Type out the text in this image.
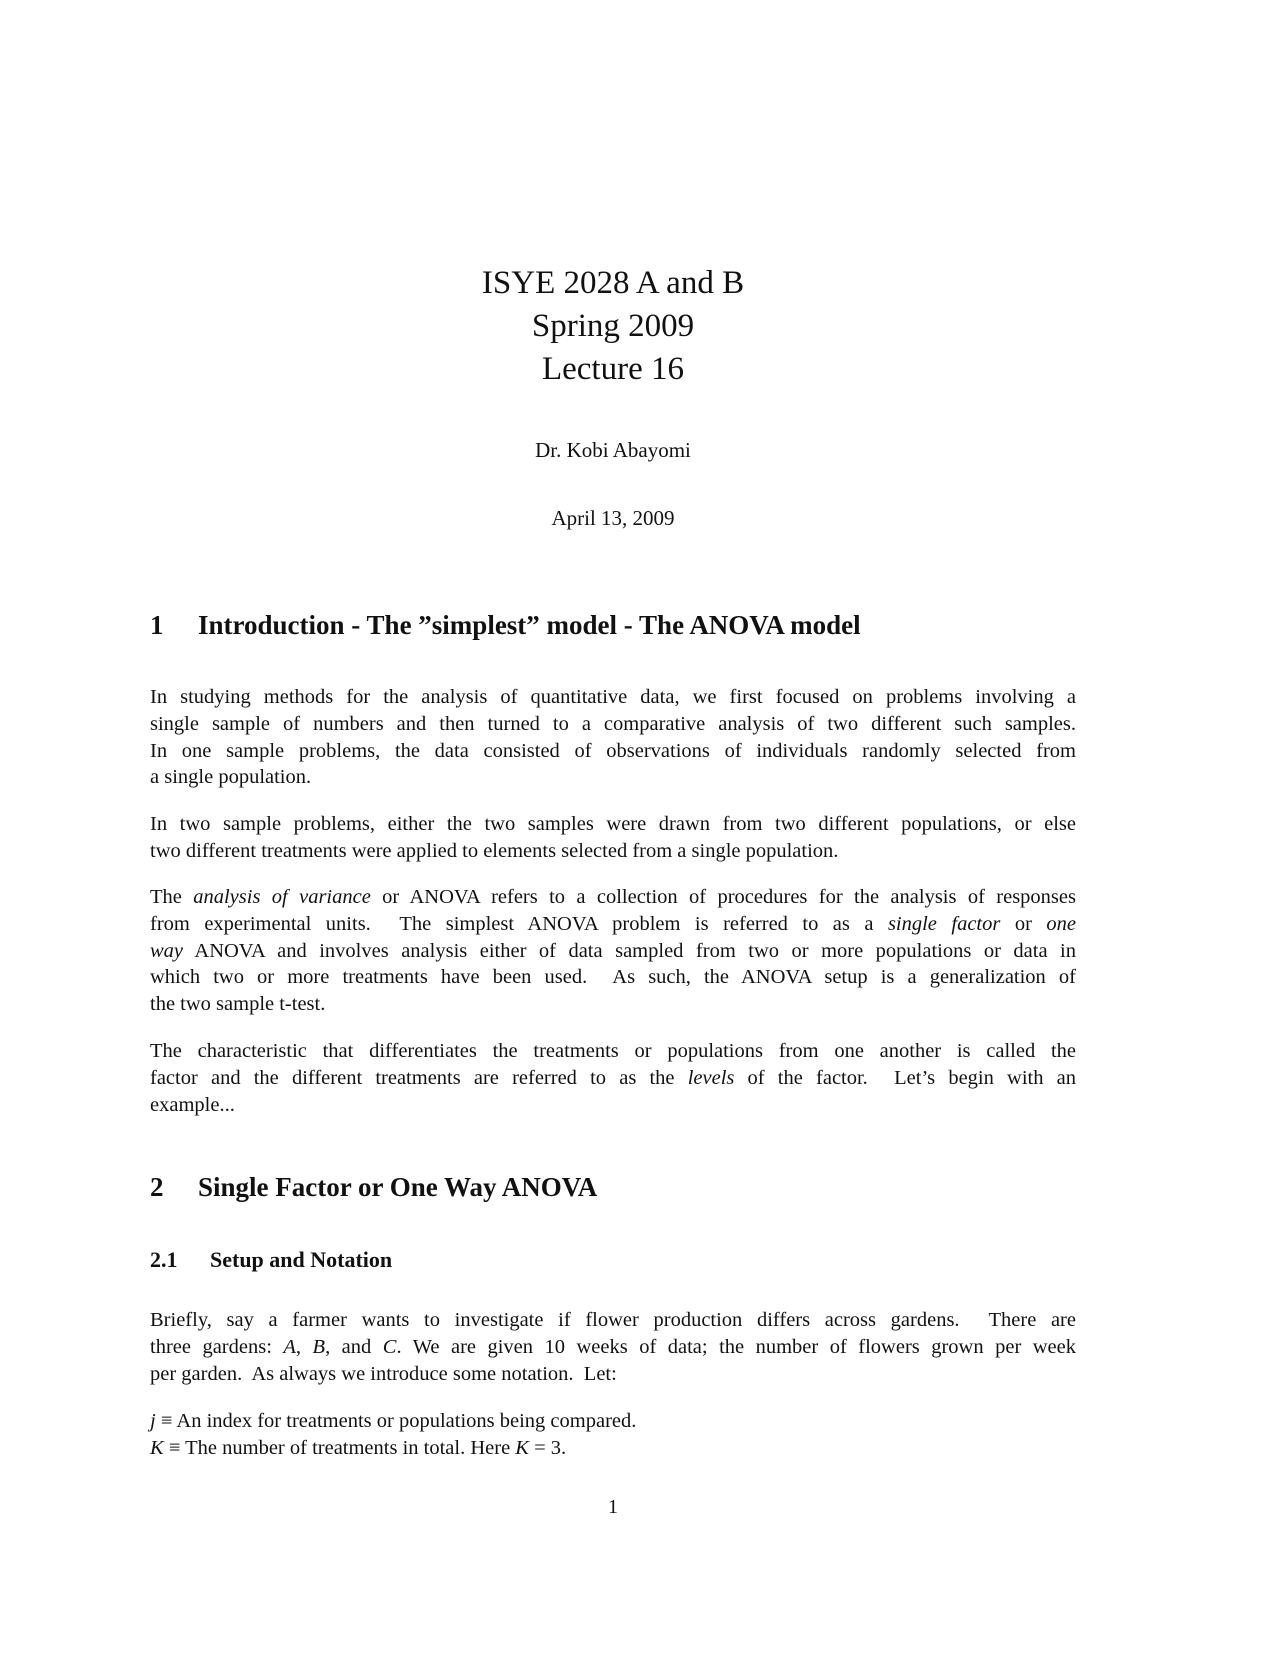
ISYE 2028 A and B
Spring 2009
Lecture 16
Dr. Kobi Abayomi
April 13, 2009
1 Introduction - The ”simplest” model - The ANOVA model
In studying methods for the analysis of quantitative data, we first focused on problems involving a
single sample of numbers and then turned to a comparative analysis of two different such samples.
In one sample problems, the data consisted of observations of individuals randomly selected from
a single population.
In two sample problems, either the two samples were drawn from two different populations, or else
two different treatments were applied to elements selected from a single population.
The analysis of variance or ANOVA refers to a collection of procedures for the analysis of responses
from experimental units.  The simplest ANOVA problem is referred to as a single factor or one
way ANOVA and involves analysis either of data sampled from two or more populations or data in
which two or more treatments have been used.  As such, the ANOVA setup is a generalization of
the two sample t-test.
The characteristic that differentiates the treatments or populations from one another is called the
factor and the different treatments are referred to as the levels of the factor.  Let’s begin with an
example...
2 Single Factor or One Way ANOVA
2.1 Setup and Notation
Briefly, say a farmer wants to investigate if flower production differs across gardens.  There are
three gardens: A, B, and C. We are given 10 weeks of data; the number of flowers grown per week
per garden.  As always we introduce some notation.  Let:
j ≡ An index for treatments or populations being compared.
K ≡ The number of treatments in total. Here K = 3.
1
